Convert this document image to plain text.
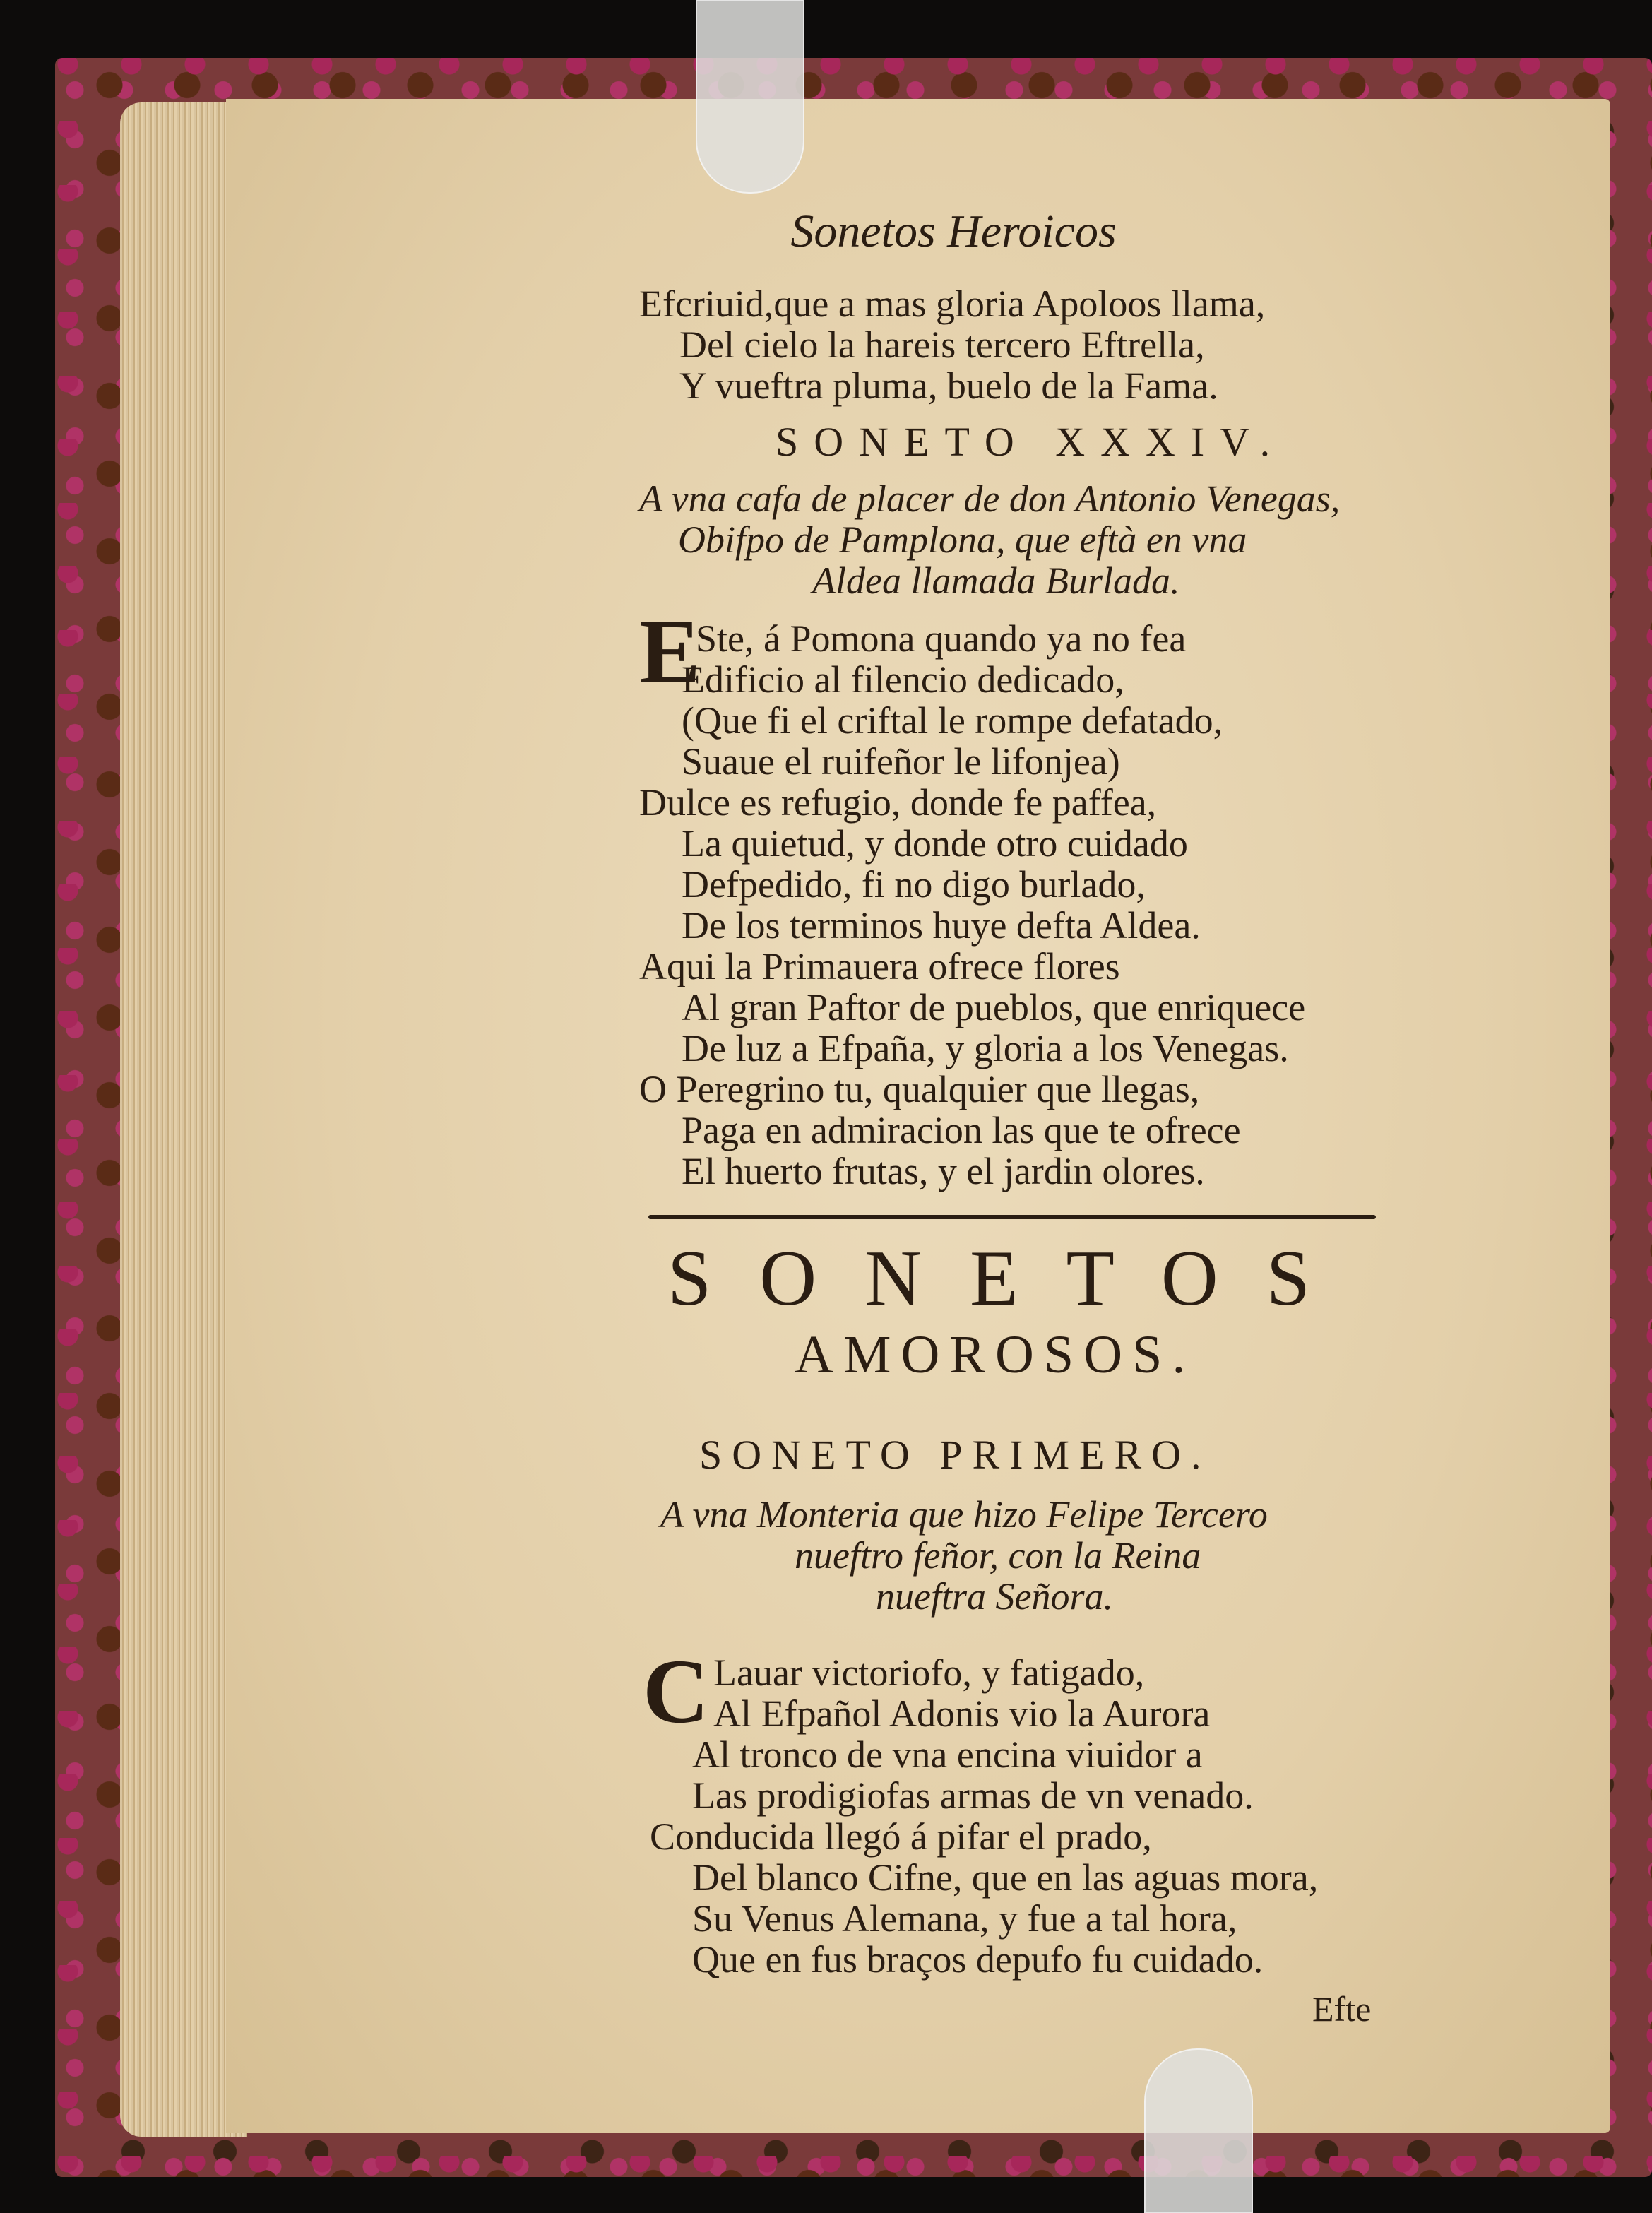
Sonetos Heroicos
Efcriuid,que a mas gloria Apoloos llama,
Del cielo la hareis tercero Eftrella,
Y vueftra pluma, buelo de la Fama.
SONETO XXXIV.
A vna cafa de placer de don Antonio Venegas,
Obifpo de Pamplona, que eftà en vna
Aldea llamada Burlada.
E
Ste, á Pomona quando ya no fea
Edificio al filencio dedicado,
(Que fi el criftal le rompe defatado,
Suaue el ruifeñor le lifonjea)
Dulce es refugio, donde fe paffea,
La quietud, y donde otro cuidado
Defpedido, fi no digo burlado,
De los terminos huye defta Aldea.
Aqui la Primauera ofrece flores
Al gran Paftor de pueblos, que enriquece
De luz a Efpaña, y gloria a los Venegas.
O Peregrino tu, qualquier que llegas,
Paga en admiracion las que te ofrece
El huerto frutas, y el jardin olores.
SONETOS
AMOROSOS.
SONETO PRIMERO.
A vna Monteria que hizo Felipe Tercero
nueftro feñor, con la Reina
nueftra Señora.
C Lauar victoriofo, y fatigado,
Al Efpañol Adonis vio la Aurora
Al tronco de vna encina viuidor a
Las prodigiofas armas de vn venado.
Conducida llegó á pifar el prado,
Del blanco Cifne, que en las aguas mora,
Su Venus Alemana, y fue a tal hora,
Que en fus braços depufo fu cuidado.
Efte
